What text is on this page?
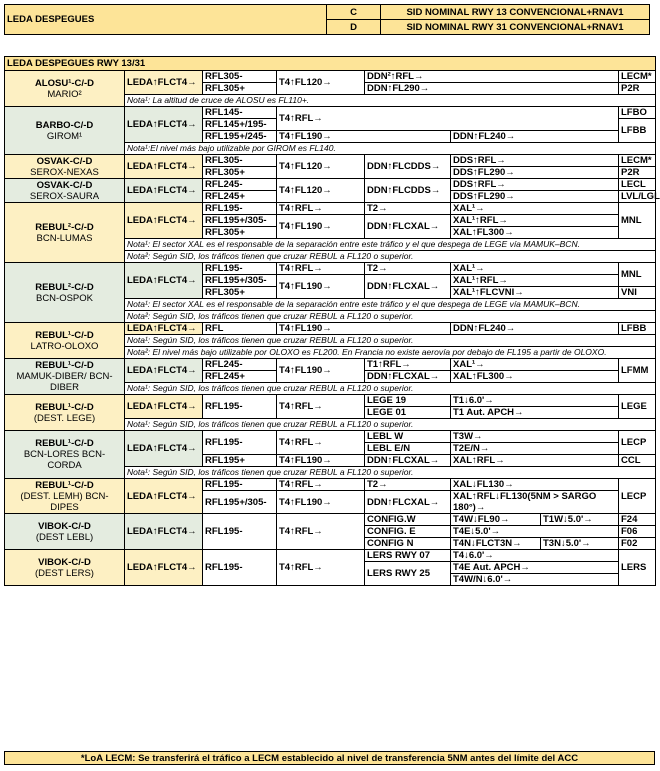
LEDA DESPEGUES	C	SID NOMINAL RWY 13 CONVENCIONAL+RNAV1
	D	SID NOMINAL RWY 31 CONVENCIONAL+RNAV1
LEDA DESPEGUES RWY 13/31							

ALOSU¹-C/-D
MARIO²	LEDA↑FLCT4→	RFL305-	T4↑FL120→	DDN²↑RFL→			LECM*
		RFL305+		DDN↑FL290→			P2R
	Nota¹: La altitud de cruce de ALOSU es FL110+.						

BARBO-C/-D
GIROM¹	LEDA↑FLCT4→	RFL145-	T4↑RFL→				LFBO
		RFL145+/195-					LFBB
		RFL195+/245-	T4↑FL190→		DDN↑FL240→		
	Nota¹:El nivel más bajo utilizable por GIROM es FL140.						

OSVAK-C/-D
SEROX-NEXAS	LEDA↑FLCT4→	RFL305-	T4↑FL120→	DDN↑FLCDDS→	DDS↑RFL→		LECM*
		RFL305+			DDS↑FL290→		P2R

OSVAK-C/-D
SEROX-SAURA	LEDA↑FLCT4→	RFL245-	T4↑FL120→	DDN↑FLCDDS→	DDS↑RFL→		LECL
		RFL245+			DDS↑FL290→		LVL/LGL

REBUL²-C/-D
BCN-LUMAS	LEDA↑FLCT4→	RFL195-	T4↑RFL→	T2→	XAL¹→		MNL
		RFL195+/305-	T4↑FL190→	DDN↑FLCXAL→	XAL¹↑RFL→		
		RFL305+			XAL↑FL300→		
	Nota¹: El sector XAL es el responsable de la separación entre este tráfico y el que despega de LEGE vía MAMUK–BCN.						
	Nota²: Según SID, los tráficos tienen que cruzar REBUL a FL120 o superior.						

REBUL²-C/-D
BCN-OSPOK	LEDA↑FLCT4→	RFL195-	T4↑RFL→	T2→	XAL¹→		MNL
		RFL195+/305-	T4↑FL190→	DDN↑FLCXAL→	XAL¹↑RFL→		
		RFL305+			XAL¹↑FLCVNI→		VNI
	Nota¹: El sector XAL es el responsable de la separación entre este tráfico y el que despega de LEGE vía MAMUK–BCN.						
	Nota²: Según SID, los tráficos tienen que cruzar REBUL a FL120 o superior.						

REBUL¹-C/-D
LATRO-OLOXO	LEDA↑FLCT4→	RFL	T4↑FL190→		DDN↑FL240→		LFBB
	Nota¹: Según SID, los tráficos tienen que cruzar REBUL a FL120 o superior.						
	Nota²: El nivel más bajo utilizable por OLOXO es FL200. En Francia no existe aerovía por debajo de FL195 a partir de OLOXO.						

REBUL¹-C/-D
MAMUK-DIBER/ BCN-DIBER	LEDA↑FLCT4→	RFL245-	T4↑FL190→	T1↑RFL→	XAL¹→		LFMM
		RFL245+		DDN↑FLCXAL→	XAL↑FL300→		
	Nota¹: Según SID, los tráficos tienen que cruzar REBUL a FL120 o superior.						

REBUL¹-C/-D
(DEST. LEGE)	LEDA↑FLCT4→	RFL195-	T4↑RFL→	LEGE 19	T1↓6.0'→		LEGE
				LEGE 01	T1 Aut. APCH→		
	Nota¹: Según SID, los tráficos tienen que cruzar REBUL a FL120 o superior.						

REBUL¹-C/-D
BCN-LORES BCN-CORDA	LEDA↑FLCT4→	RFL195-	T4↑RFL→	LEBL W	T3W→		LECP
				LEBL E/N	T2E/N→		
		RFL195+	T4↑FL190→	DDN↑FLCXAL→	XAL↑RFL→		CCL
	Nota¹: Según SID, los tráficos tienen que cruzar REBUL a FL120 o superior.						

REBUL¹-C/-D
(DEST. LEMH) BCN-DIPES	LEDA↑FLCT4→	RFL195-	T4↑RFL→	T2→	XAL↓FL130→		LECP
		RFL195+/305-	T4↑FL190→	DDN↑FLCXAL→	XAL↑RFL↓FL130(5NM > SARGO 180°)→		

VIBOK-C/-D
(DEST LEBL)	LEDA↑FLCT4→	RFL195-	T4↑RFL→	CONFIG.W	T4W↓FL90→	T1W↓5.0'→	F24
				CONFIG. E	T4E↓5.0'→		F06
				CONFIG N	T4N↓FLCT3N→	T3N↓5.0'→	F02

VIBOK-C/-D
(DEST LERS)	LEDA↑FLCT4→	RFL195-	T4↑RFL→	LERS RWY 07	T4↓6.0'→		LERS
				LERS RWY 25	T4E Aut. APCH→		
					T4W/N↓6.0'→		
*LoA LECM: Se transferirá el tráfico a LECM establecido al nivel de transferencia 5NM antes del límite del ACC
